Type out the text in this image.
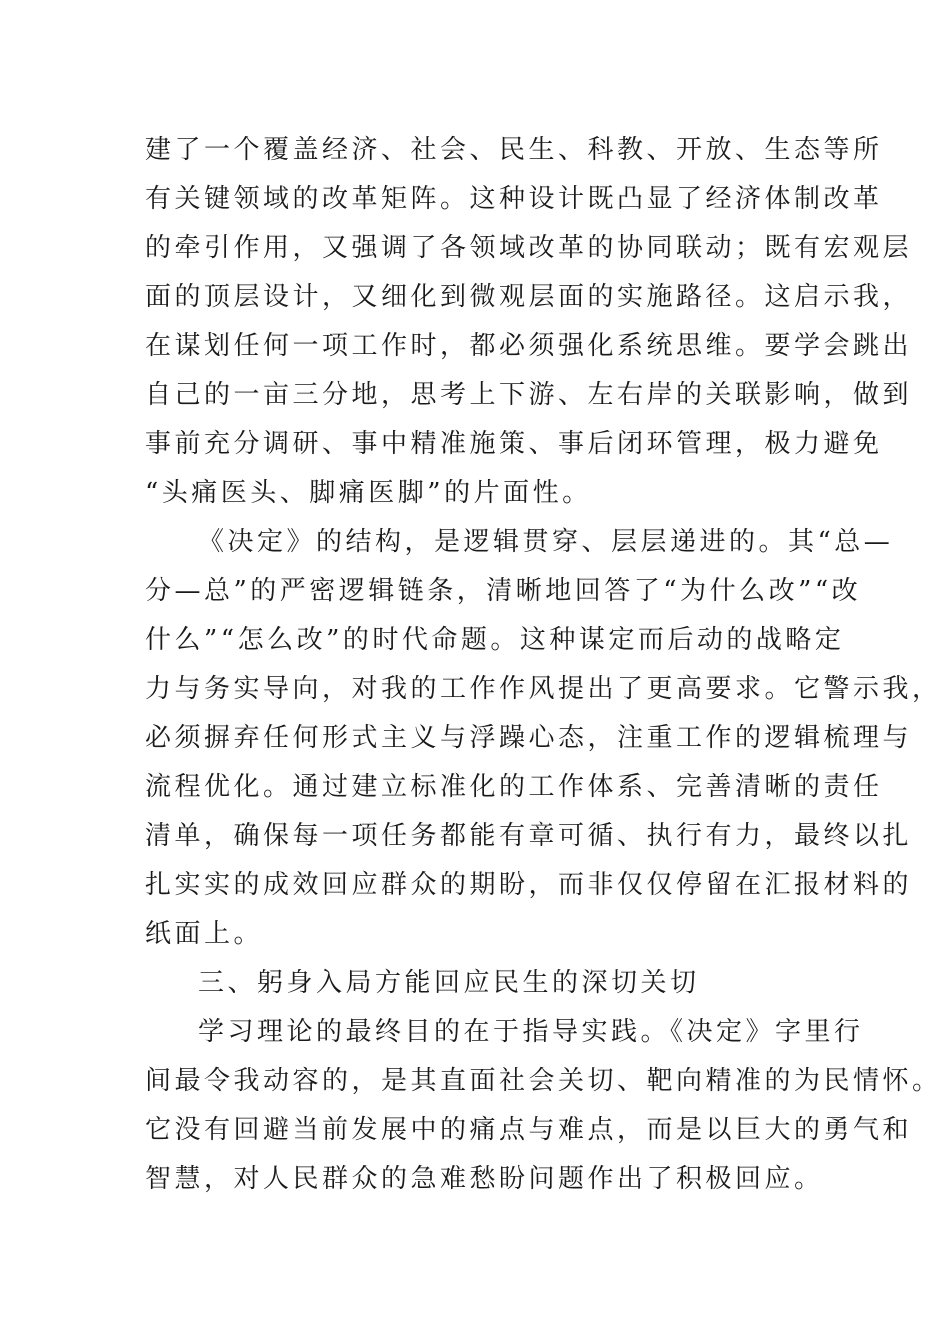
建了一个覆盖经济、社会、民生、科教、开放、生态等所
有关键领域的改革矩阵。这种设计既凸显了经济体制改革
的牵引作用，又强调了各领域改革的协同联动；既有宏观层
面的顶层设计，又细化到微观层面的实施路径。这启示我，
在谋划任何一项工作时，都必须强化系统思维。要学会跳出
自己的一亩三分地，思考上下游、左右岸的关联影响，做到
事前充分调研、事中精准施策、事后闭环管理，极力避免
“头痛医头、脚痛医脚”的片面性。
《决定》的结构，是逻辑贯穿、层层递进的。其“总—
分—总”的严密逻辑链条，清晰地回答了“为什么改”“改
什么”“怎么改”的时代命题。这种谋定而后动的战略定
力与务实导向，对我的工作作风提出了更高要求。它警示我，
必须摒弃任何形式主义与浮躁心态，注重工作的逻辑梳理与
流程优化。通过建立标准化的工作体系、完善清晰的责任
清单，确保每一项任务都能有章可循、执行有力，最终以扎
扎实实的成效回应群众的期盼，而非仅仅停留在汇报材料的
纸面上。
三、躬身入局方能回应民生的深切关切
学习理论的最终目的在于指导实践。《决定》字里行
间最令我动容的，是其直面社会关切、靶向精准的为民情怀。
它没有回避当前发展中的痛点与难点，而是以巨大的勇气和
智慧，对人民群众的急难愁盼问题作出了积极回应。
